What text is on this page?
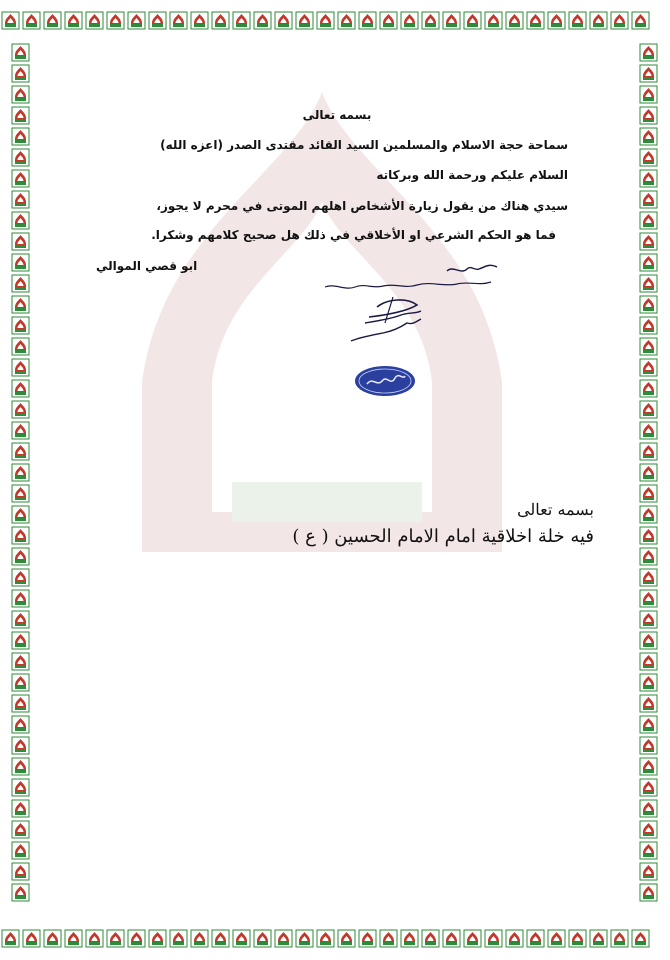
بسمه تعالى
سماحة حجة الاسلام والمسلمين السيد القائد مقتدى الصدر (اعزه الله)
السلام عليكم ورحمة الله وبركاته
سيدي هناك من يقول زيارة الأشخاص اهلهم الموتى في محرم لا يجوز،
فما هو الحكم الشرعي او الأخلاقي في ذلك هل صحيح كلامهم وشكرا.
ابو قصي الموالي
بسمه تعالى
فيه خلة اخلاقية امام الامام الحسين ( ع )
